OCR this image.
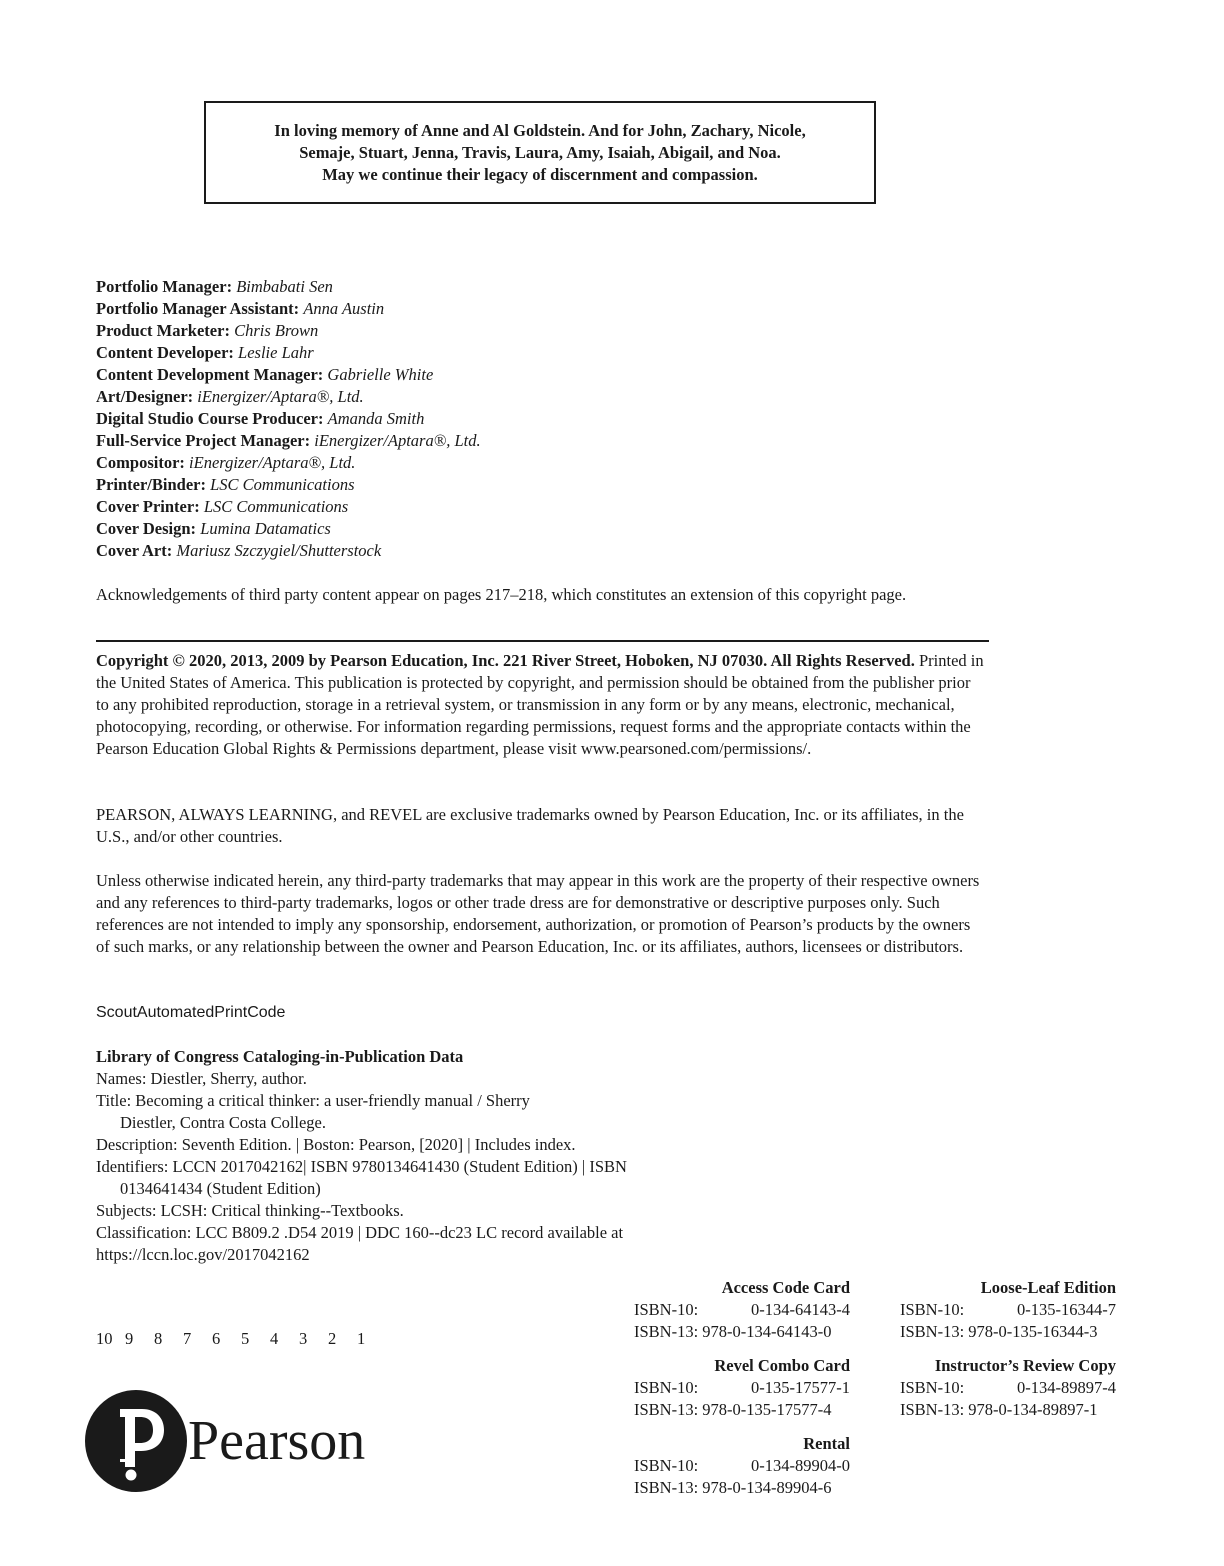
In loving memory of Anne and Al Goldstein. And for John, Zachary, Nicole,
Semaje, Stuart, Jenna, Travis, Laura, Amy, Isaiah, Abigail, and Noa.
May we continue their legacy of discernment and compassion.
Portfolio Manager: Bimbabati Sen
Portfolio Manager Assistant: Anna Austin
Product Marketer: Chris Brown
Content Developer: Leslie Lahr
Content Development Manager: Gabrielle White
Art/Designer: iEnergizer/Aptara®, Ltd.
Digital Studio Course Producer: Amanda Smith
Full-Service Project Manager: iEnergizer/Aptara®, Ltd.
Compositor: iEnergizer/Aptara®, Ltd.
Printer/Binder: LSC Communications
Cover Printer: LSC Communications
Cover Design: Lumina Datamatics
Cover Art: Mariusz Szczygiel/Shutterstock
Acknowledgements of third party content appear on pages 217–218, which constitutes an extension of this copyright page.
Copyright © 2020, 2013, 2009 by Pearson Education, Inc. 221 River Street, Hoboken, NJ 07030. All Rights Reserved. Printed in the United States of America. This publication is protected by copyright, and permission should be obtained from the publisher prior to any prohibited reproduction, storage in a retrieval system, or transmission in any form or by any means, electronic, mechanical, photocopying, recording, or otherwise. For information regarding permissions, request forms and the appropriate contacts within the Pearson Education Global Rights & Permissions department, please visit www.pearsoned.com/permissions/.
PEARSON, ALWAYS LEARNING, and REVEL are exclusive trademarks owned by Pearson Education, Inc. or its affiliates, in the U.S., and/or other countries.
Unless otherwise indicated herein, any third-party trademarks that may appear in this work are the property of their respective owners and any references to third-party trademarks, logos or other trade dress are for demonstrative or descriptive purposes only. Such references are not intended to imply any sponsorship, endorsement, authorization, or promotion of Pearson’s products by the owners of such marks, or any relationship between the owner and Pearson Education, Inc. or its affiliates, authors, licensees or distributors.
ScoutAutomatedPrintCode
Library of Congress Cataloging-in-Publication Data
Names: Diestler, Sherry, author.
Title: Becoming a critical thinker: a user-friendly manual / Sherry
Diestler, Contra Costa College.
Description: Seventh Edition. | Boston: Pearson, [2020] | Includes index.
Identifiers: LCCN 2017042162| ISBN 9780134641430 (Student Edition) | ISBN
0134641434 (Student Edition)
Subjects: LCSH: Critical thinking--Textbooks.
Classification: LCC B809.2 .D54 2019 | DDC 160--dc23 LC record available at
https://lccn.loc.gov/2017042162
10 9 8 7 6 5 4 3 2 1
Pearson
Access Code Card
ISBN-10:	0-134-64143-4
ISBN-13: 978-0-134-64143-0
Revel Combo Card
ISBN-10:	0-135-17577-1
ISBN-13: 978-0-135-17577-4
Rental
ISBN-10:	0-134-89904-0
ISBN-13: 978-0-134-89904-6
Loose-Leaf Edition
ISBN-10:	0-135-16344-7
ISBN-13: 978-0-135-16344-3
Instructor’s Review Copy
ISBN-10:	0-134-89897-4
ISBN-13: 978-0-134-89897-1
